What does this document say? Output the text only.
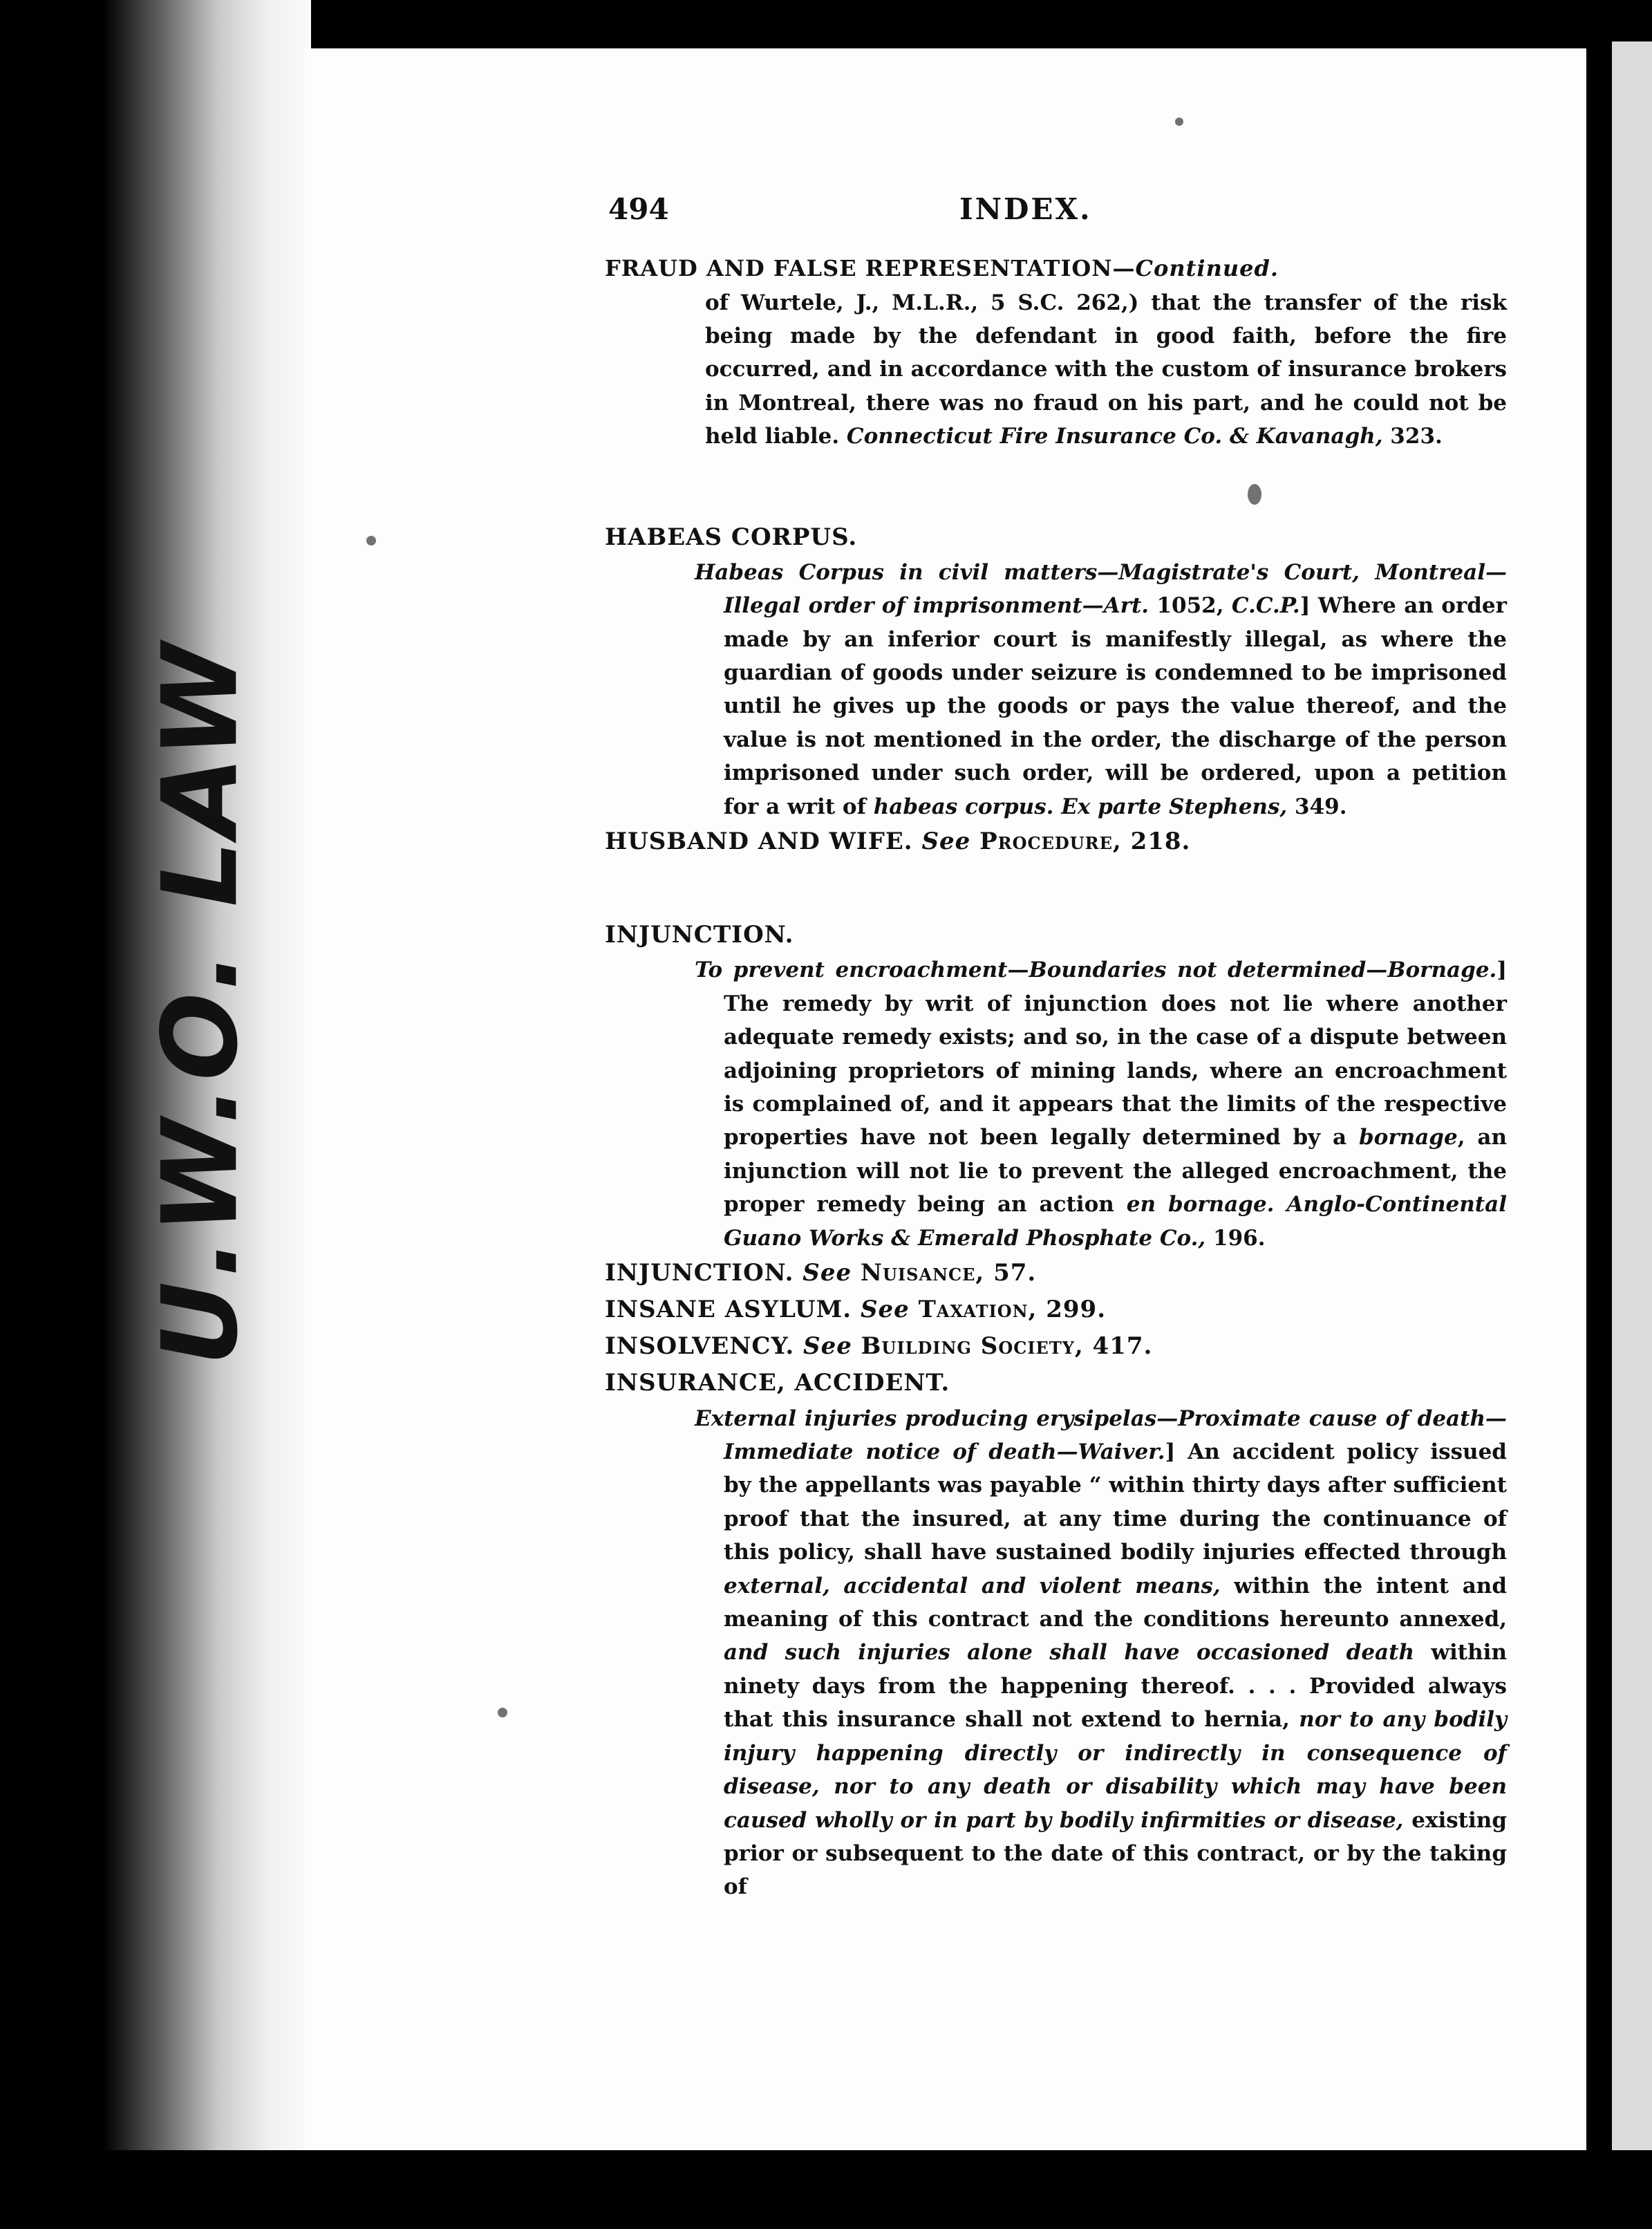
U.W.O. LAW
494	INDEX.
FRAUD AND FALSE REPRESENTATION—Continued.

of Wurtele, J., M.L.R., 5 S.C. 262,) that the transfer of the risk being made by the defendant in good faith, before the fire occurred, and in accordance with the custom of insurance brokers in Montreal, there was no fraud on his part, and he could not be held liable. Connecticut Fire Insurance Co. & Kavanagh, 323.

HABEAS CORPUS.

Habeas Corpus in civil matters—Magistrate's Court, Montreal—Illegal order of imprisonment—Art. 1052, C.C.P.] Where an order made by an inferior court is manifestly illegal, as where the guardian of goods under seizure is condemned to be imprisoned until he gives up the goods or pays the value thereof, and the value is not mentioned in the order, the discharge of the person imprisoned under such order, will be ordered, upon a petition for a writ of habeas corpus. Ex parte Stephens, 349.

HUSBAND AND WIFE. See Procedure, 218.
INJUNCTION.

To prevent encroachment—Boundaries not determined—Bornage.] The remedy by writ of injunction does not lie where another adequate remedy exists; and so, in the case of a dispute between adjoining proprietors of mining lands, where an encroachment is complained of, and it appears that the limits of the respective properties have not been legally determined by a bornage, an injunction will not lie to prevent the alleged encroachment, the proper remedy being an action en bornage. Anglo-Continental Guano Works & Emerald Phosphate Co., 196.

INJUNCTION. See Nuisance, 57.
INSANE ASYLUM. See Taxation, 299.
INSOLVENCY. See Building Society, 417.
INSURANCE, ACCIDENT.

External injuries producing erysipelas—Proximate cause of death—Immediate notice of death—Waiver.] An accident policy issued by the appellants was payable “ within thirty days after sufficient proof that the insured, at any time during the continuance of this policy, shall have sustained bodily injuries effected through external, accidental and violent means, within the intent and meaning of this contract and the conditions hereunto annexed, and such injuries alone shall have occasioned death within ninety days from the happening thereof. . . . Provided always that this insurance shall not extend to hernia, nor to any bodily injury happening directly or indirectly in consequence of disease, nor to any death or disability which may have been caused wholly or in part by bodily infirmities or disease, existing prior or subsequent to the date of this contract, or by the taking of
